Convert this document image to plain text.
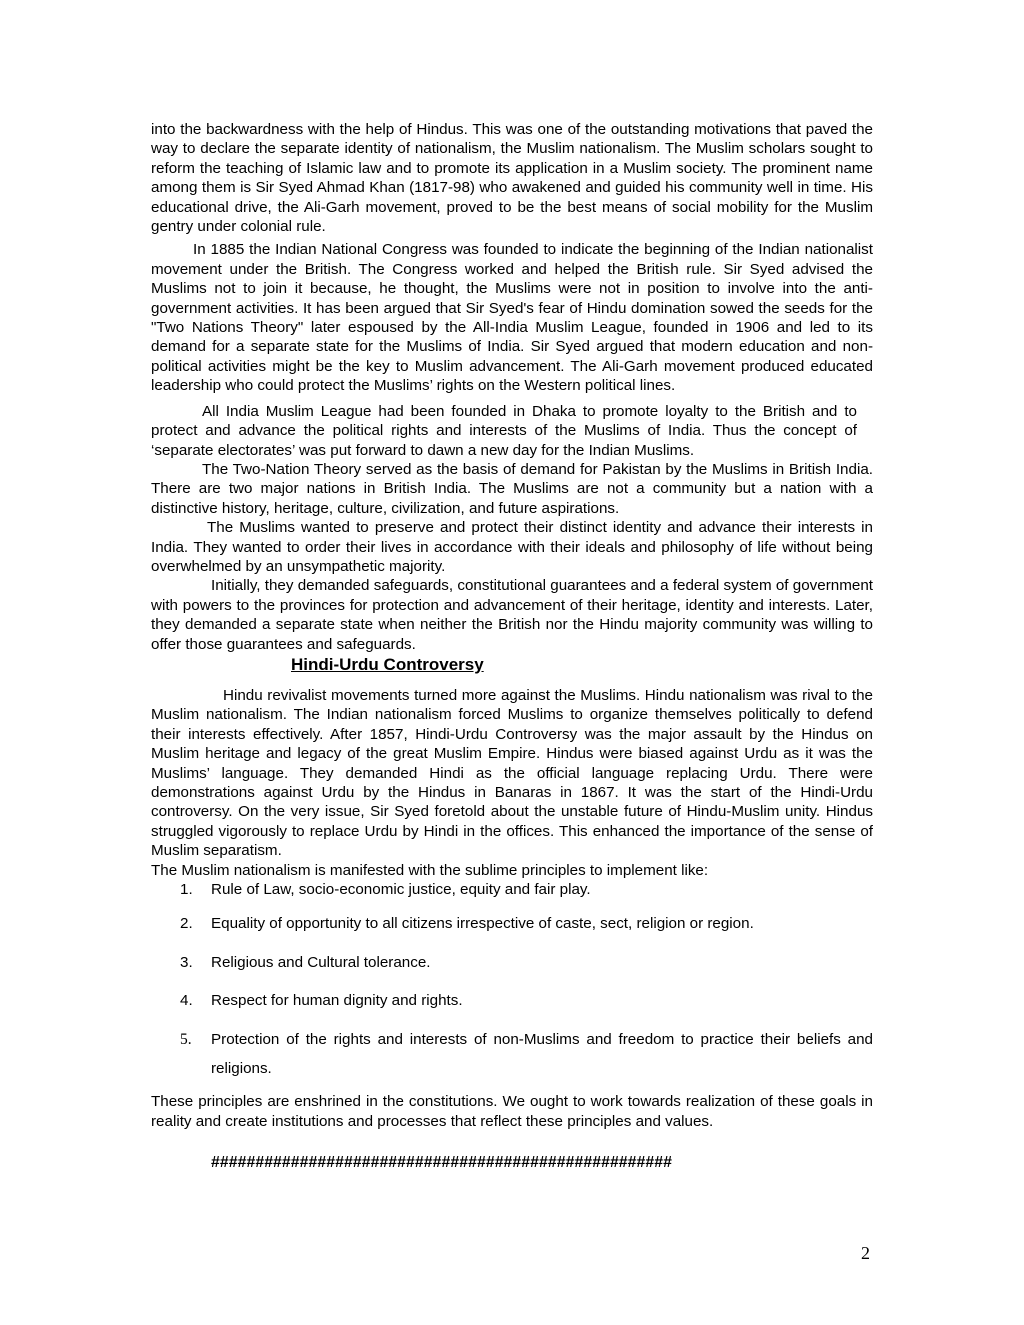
into the backwardness with the help of Hindus. This was one of the outstanding motivations that paved the way to declare the separate identity of nationalism, the Muslim nationalism. The Muslim scholars sought to reform the teaching of Islamic law and to promote its application in a Muslim society. The prominent name among them is Sir Syed Ahmad Khan (1817-98) who awakened and guided his community well in time. His educational drive, the Ali-Garh movement, proved to be the best means of social mobility for the Muslim gentry under colonial rule.

In 1885 the Indian National Congress was founded to indicate the beginning of the Indian nationalist movement under the British. The Congress worked and helped the British rule. Sir Syed advised the Muslims not to join it because, he thought, the Muslims were not in position to involve into the anti-government activities. It has been argued that Sir Syed's fear of Hindu domination sowed the seeds for the "Two Nations Theory" later espoused by the All-India Muslim League, founded in 1906 and led to its demand for a separate state for the Muslims of India. Sir Syed argued that modern education and non-political activities might be the key to Muslim advancement. The Ali-Garh movement produced educated leadership who could protect the Muslims’ rights on the Western political lines.

All India Muslim League had been founded in Dhaka to promote loyalty to the British and to protect and advance the political rights and interests of the Muslims of India. Thus the concept of ‘separate electorates’ was put forward to dawn a new day for the Indian Muslims.

The Two-Nation Theory served as the basis of demand for Pakistan by the Muslims in British India. There are two major nations in British India. The Muslims are not a community but a nation with a distinctive history, heritage, culture, civilization, and future aspirations.

The Muslims wanted to preserve and protect their distinct identity and advance their interests in India. They wanted to order their lives in accordance with their ideals and philosophy of life without being overwhelmed by an unsympathetic majority.

Initially, they demanded safeguards, constitutional guarantees and a federal system of government with powers to the provinces for protection and advancement of their heritage, identity and interests. Later, they demanded a separate state when neither the British nor the Hindu majority community was willing to offer those guarantees and safeguards.

Hindi-Urdu Controversy

Hindu revivalist movements turned more against the Muslims. Hindu nationalism was rival to the Muslim nationalism. The Indian nationalism forced Muslims to organize themselves politically to defend their interests effectively. After 1857, Hindi-Urdu Controversy was the major assault by the Hindus on Muslim heritage and legacy of the great Muslim Empire. Hindus were biased against Urdu as it was the Muslims’ language. They demanded Hindi as the official language replacing Urdu. There were demonstrations against Urdu by the Hindus in Banaras in 1867. It was the start of the Hindi-Urdu controversy. On the very issue, Sir Syed foretold about the unstable future of Hindu-Muslim unity. Hindus struggled vigorously to replace Urdu by Hindi in the offices. This enhanced the importance of the sense of Muslim separatism.

The Muslim nationalism is manifested with the sublime principles to implement like:

1. Rule of Law, socio-economic justice, equity and fair play.
2. Equality of opportunity to all citizens irrespective of caste, sect, religion or region.
3. Religious and Cultural tolerance.
4. Respect for human dignity and rights.
5. Protection of the rights and interests of non-Muslims and freedom to practice their beliefs and religions.

These principles are enshrined in the constitutions. We ought to work towards realization of these goals in reality and create institutions and processes that reflect these principles and values.

####################################################
2
